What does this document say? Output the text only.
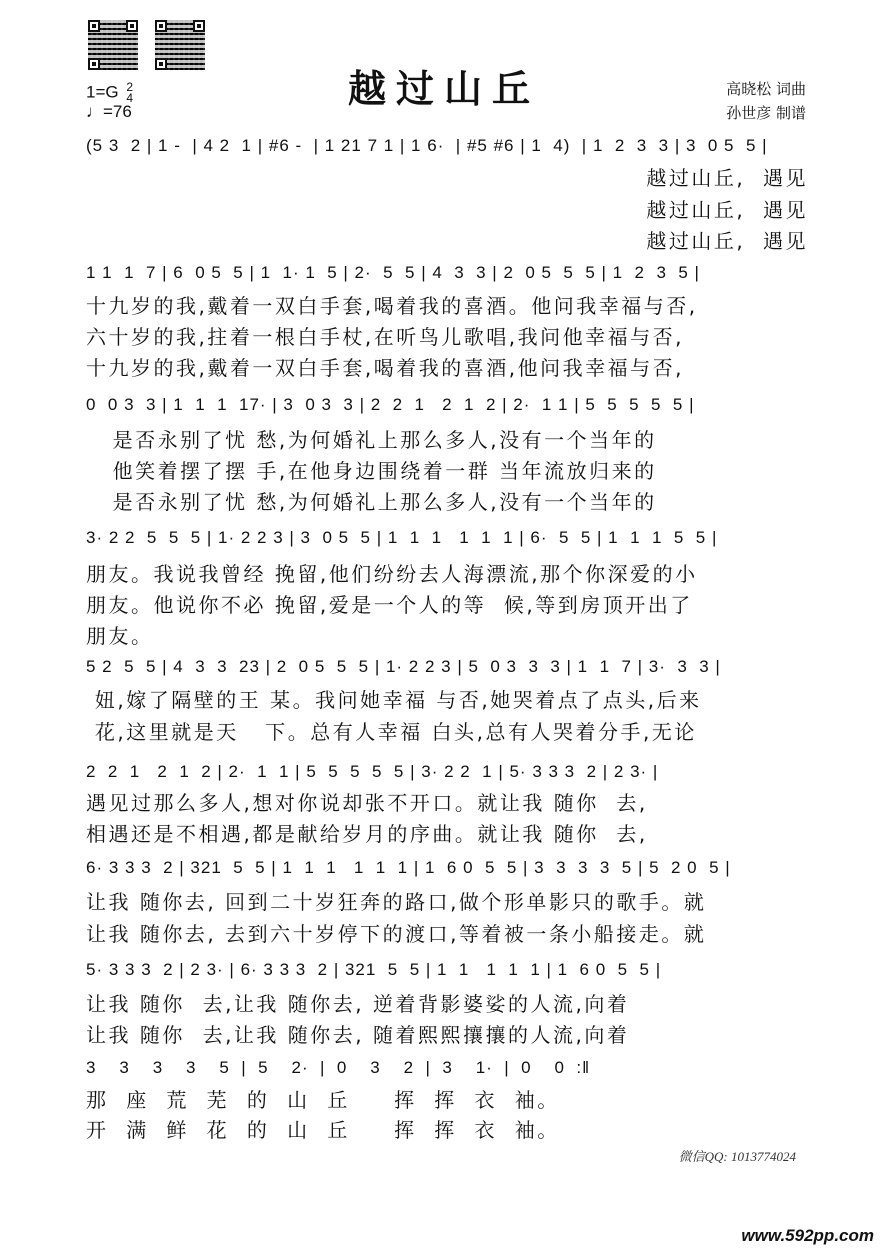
越过山丘
1=G 2
4
♩=76
高晓松 词曲
孙世彦 制谱
(5 3  2 | 1 -  | 4 2  1 | #6 -  | 1 21 7 1 | 1 6·  | #5 #6 | 1  4)  | 1  2  3  3 | 3  0 5  5 |
越过山丘,  遇见
越过山丘,  遇见
越过山丘,  遇见
1 1  1  7 | 6  0 5  5 | 1  1· 1  5 | 2·  5  5 | 4  3  3 | 2  0 5  5  5 | 1  2  3  5 |
十九岁的我,戴着一双白手套,喝着我的喜酒。他问我幸福与否,
六十岁的我,拄着一根白手杖,在听鸟儿歌唱,我问他幸福与否,
十九岁的我,戴着一双白手套,喝着我的喜酒,他问我幸福与否,
0  0 3  3 | 1  1  1  17· | 3  0 3  3 | 2  2  1   2  1  2 | 2·  1 1 | 5  5  5  5  5 |
是否永别了忧 愁,为何婚礼上那么多人,没有一个当年的
他笑着摆了摆 手,在他身边围绕着一群 当年流放归来的
是否永别了忧 愁,为何婚礼上那么多人,没有一个当年的
3· 2 2  5  5  5 | 1· 2 2 3 | 3  0 5  5 | 1  1  1   1  1  1 | 6·  5  5 | 1  1  1  5  5 |
朋友。我说我曾经 挽留,他们纷纷去人海漂流,那个你深爱的小
朋友。他说你不必 挽留,爱是一个人的等  候,等到房顶开出了
朋友。
5 2  5  5 | 4  3  3  23 | 2  0 5  5  5 | 1· 2 2 3 | 5  0 3  3  3 | 1  1  7 | 3·  3  3 |
妞,嫁了隔壁的王 某。我问她幸福 与否,她哭着点了点头,后来
花,这里就是天   下。总有人幸福 白头,总有人哭着分手,无论
2  2  1   2  1  2 | 2·  1  1 | 5  5  5  5  5 | 3· 2 2  1 | 5· 3 3 3  2 | 2 3· |
遇见过那么多人,想对你说却张不开口。就让我 随你  去,
相遇还是不相遇,都是献给岁月的序曲。就让我 随你  去,
6· 3 3 3  2 | 321  5  5 | 1  1  1   1  1  1 | 1  6 0  5  5 | 3  3  3  3  5 | 5  2 0  5 |
让我 随你去, 回到二十岁狂奔的路口,做个形单影只的歌手。就
让我 随你去, 去到六十岁停下的渡口,等着被一条小船接走。就
5· 3 3 3  2 | 2 3· | 6· 3 3 3  2 | 321  5  5 | 1  1   1  1  1 | 1  6 0  5  5 |
让我 随你  去,让我 随你去, 逆着背影婆娑的人流,向着
让我 随你  去,让我 随你去, 随着熙熙攘攘的人流,向着
3    3    3    3    5  |  5    2·  |  0    3    2  |  3    1·  |  0    0  :‖
那  座  荒  芜  的  山  丘     挥  挥  衣  袖。
开  满  鲜  花  的  山  丘     挥  挥  衣  袖。
微信QQ: 1013774024
www.592pp.com
